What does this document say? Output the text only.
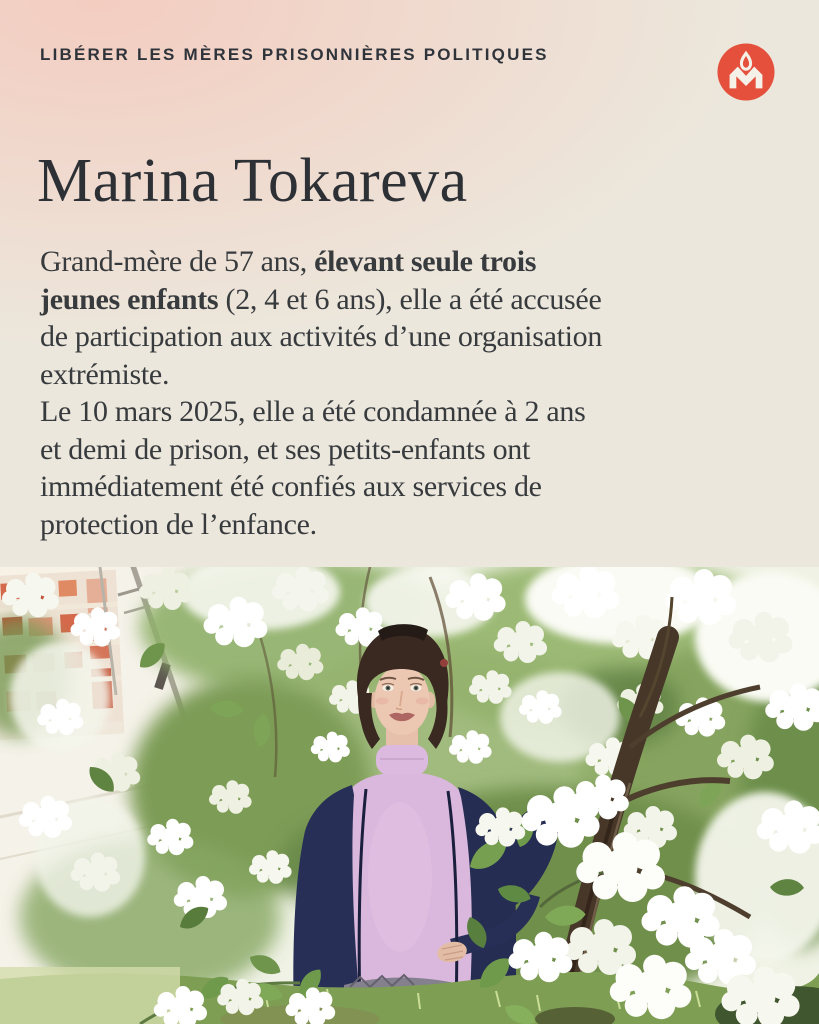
LIBÉRER LES MÈRES PRISONNIÈRES POLITIQUES
Marina Tokareva
Grand-mère de 57 ans, élevant seule trois
jeunes enfants (2, 4 et 6 ans), elle a été accusée
de participation aux activités d’une organisation
extrémiste.
Le 10 mars 2025, elle a été condamnée à 2 ans
et demi de prison, et ses petits-enfants ont
immédiatement été confiés aux services de
protection de l’enfance.
